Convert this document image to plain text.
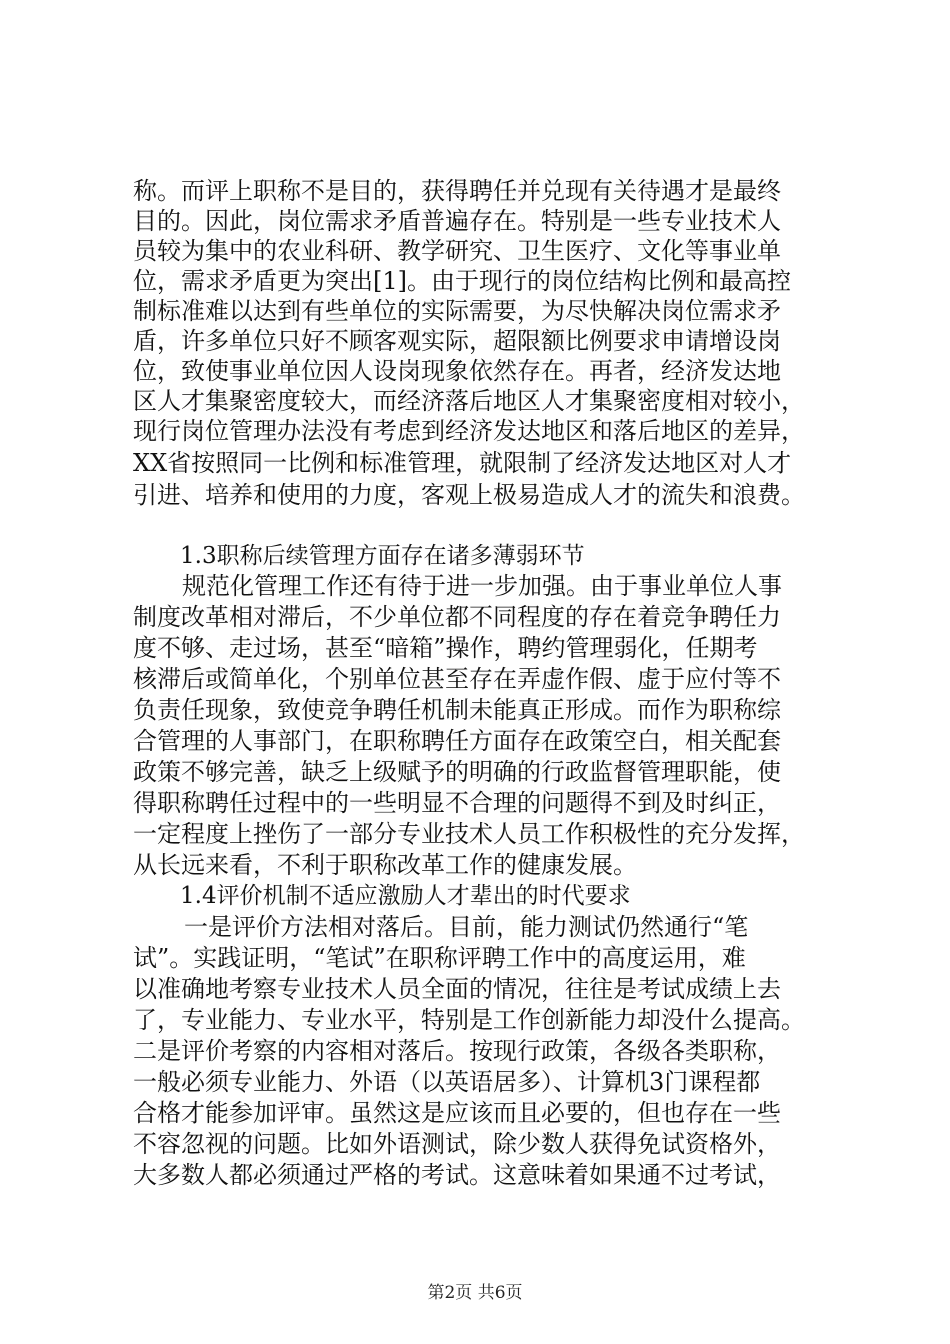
称。而评上职称不是目的，获得聘任并兑现有关待遇才是最终
目的。因此，岗位需求矛盾普遍存在。特别是一些专业技术人
员较为集中的农业科研、教学研究、卫生医疗、文化等事业单
位，需求矛盾更为突出[1]。由于现行的岗位结构比例和最高控
制标准难以达到有些单位的实际需要，为尽快解决岗位需求矛
盾，许多单位只好不顾客观实际，超限额比例要求申请增设岗
位，致使事业单位因人设岗现象依然存在。再者，经济发达地
区人才集聚密度较大，而经济落后地区人才集聚密度相对较小，
现行岗位管理办法没有考虑到经济发达地区和落后地区的差异，
XX省按照同一比例和标准管理，就限制了经济发达地区对人才
引进、培养和使用的力度，客观上极易造成人才的流失和浪费。
1.3职称后续管理方面存在诸多薄弱环节
规范化管理工作还有待于进一步加强。由于事业单位人事
制度改革相对滞后，不少单位都不同程度的存在着竞争聘任力
度不够、走过场，甚至“暗箱”操作，聘约管理弱化，任期考
核滞后或简单化，个别单位甚至存在弄虚作假、虚于应付等不
负责任现象，致使竞争聘任机制未能真正形成。而作为职称综
合管理的人事部门，在职称聘任方面存在政策空白，相关配套
政策不够完善，缺乏上级赋予的明确的行政监督管理职能，使
得职称聘任过程中的一些明显不合理的问题得不到及时纠正，
一定程度上挫伤了一部分专业技术人员工作积极性的充分发挥，
从长远来看，不利于职称改革工作的健康发展。
1.4评价机制不适应激励人才辈出的时代要求
一是评价方法相对落后。目前，能力测试仍然通行“笔
试”。实践证明，“笔试”在职称评聘工作中的高度运用，难
以准确地考察专业技术人员全面的情况，往往是考试成绩上去
了，专业能力、专业水平，特别是工作创新能力却没什么提高。
二是评价考察的内容相对落后。按现行政策，各级各类职称，
一般必须专业能力、外语（以英语居多）、计算机3门课程都
合格才能参加评审。虽然这是应该而且必要的，但也存在一些
不容忽视的问题。比如外语测试，除少数人获得免试资格外，
大多数人都必须通过严格的考试。这意味着如果通不过考试，
第2页 共6页
